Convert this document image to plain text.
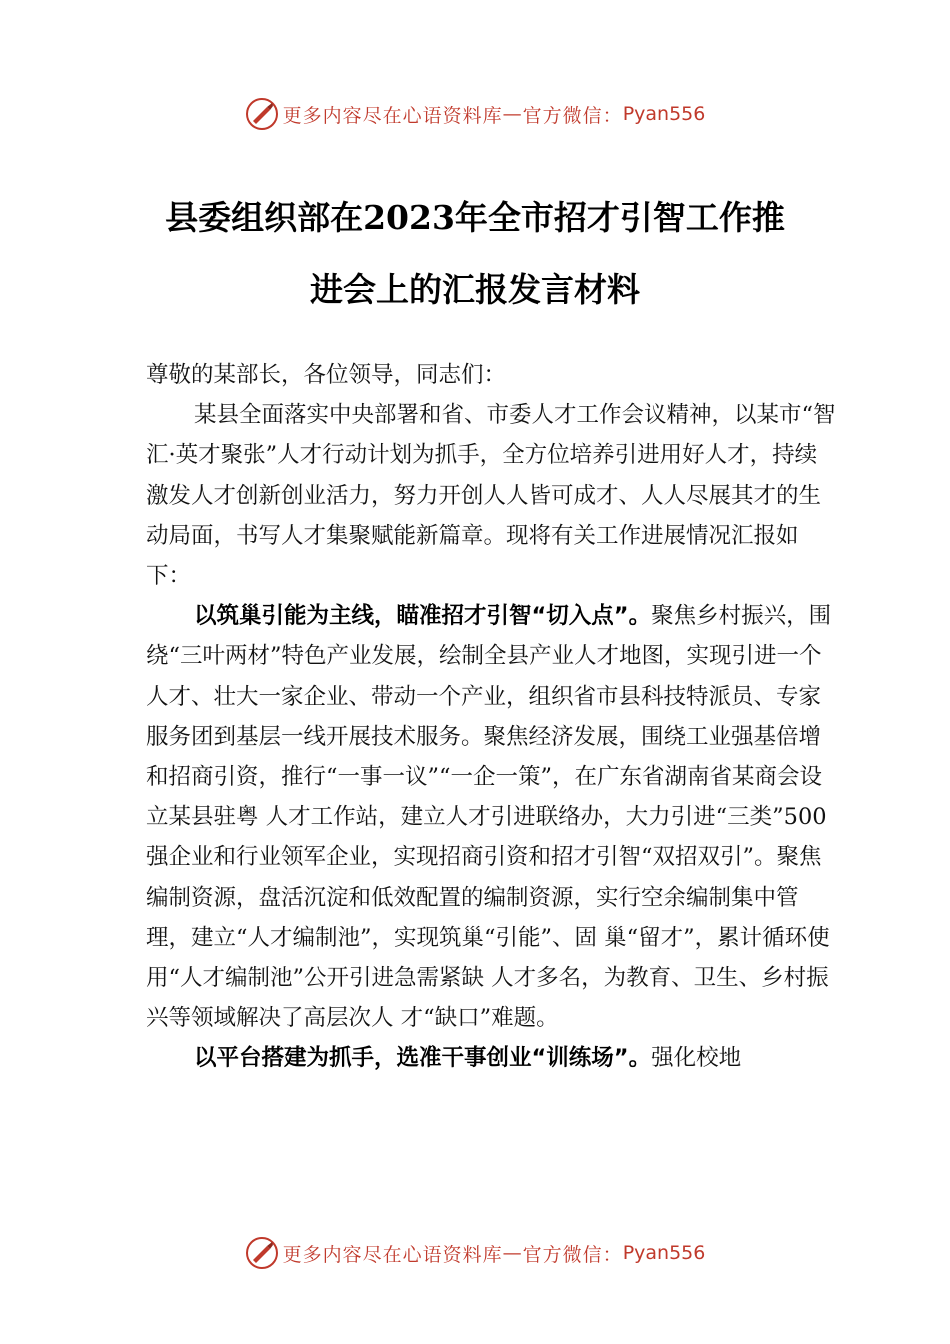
更多内容尽在心语资料库 — 官方微信： Pyan556
县委组织部在2023年全市招才引智工作推
进会上的汇报发言材料

尊敬的某部长，各位领导，同志们：

某县全面落实中央部署和省、市委人才工作会议精神，以某市“智汇·英才聚张”人才行动计划为抓手，全方位培养引进用好人才，持续激发人才创新创业活力，努力开创人人皆可成才、人人尽展其才的生动局面，书写人才集聚赋能新篇章。现将有关工作进展情况汇报如下：

以筑巢引能为主线，瞄准招才引智“切入点”。聚焦乡村振兴，围绕“三叶两材”特色产业发展，绘制全县产业人才地图，实现引进一个人才、壮大一家企业、带动一个产业，组织省市县科技特派员、专家服务团到基层一线开展技术服务。聚焦经济发展，围绕工业强基倍增和招商引资，推行“一事一议”“一企一策”，在广东省湖南省某商会设立某县驻粤 人才工作站，建立人才引进联络办，大力引进“三类”500 强企业和行业领军企业，实现招商引资和招才引智“双招双引”。聚焦编制资源，盘活沉淀和低效配置的编制资源，实行空余编制集中管理，建立“人才编制池”，实现筑巢“引能”、固 巢“留才”，累计循环使用“人才编制池”公开引进急需紧缺 人才多名，为教育、卫生、乡村振兴等领域解决了高层次人 才“缺口”难题。

以平台搭建为抓手，选准干事创业“训练场”。强化校地

更多内容尽在心语资料库 — 官方微信： Pyan556
